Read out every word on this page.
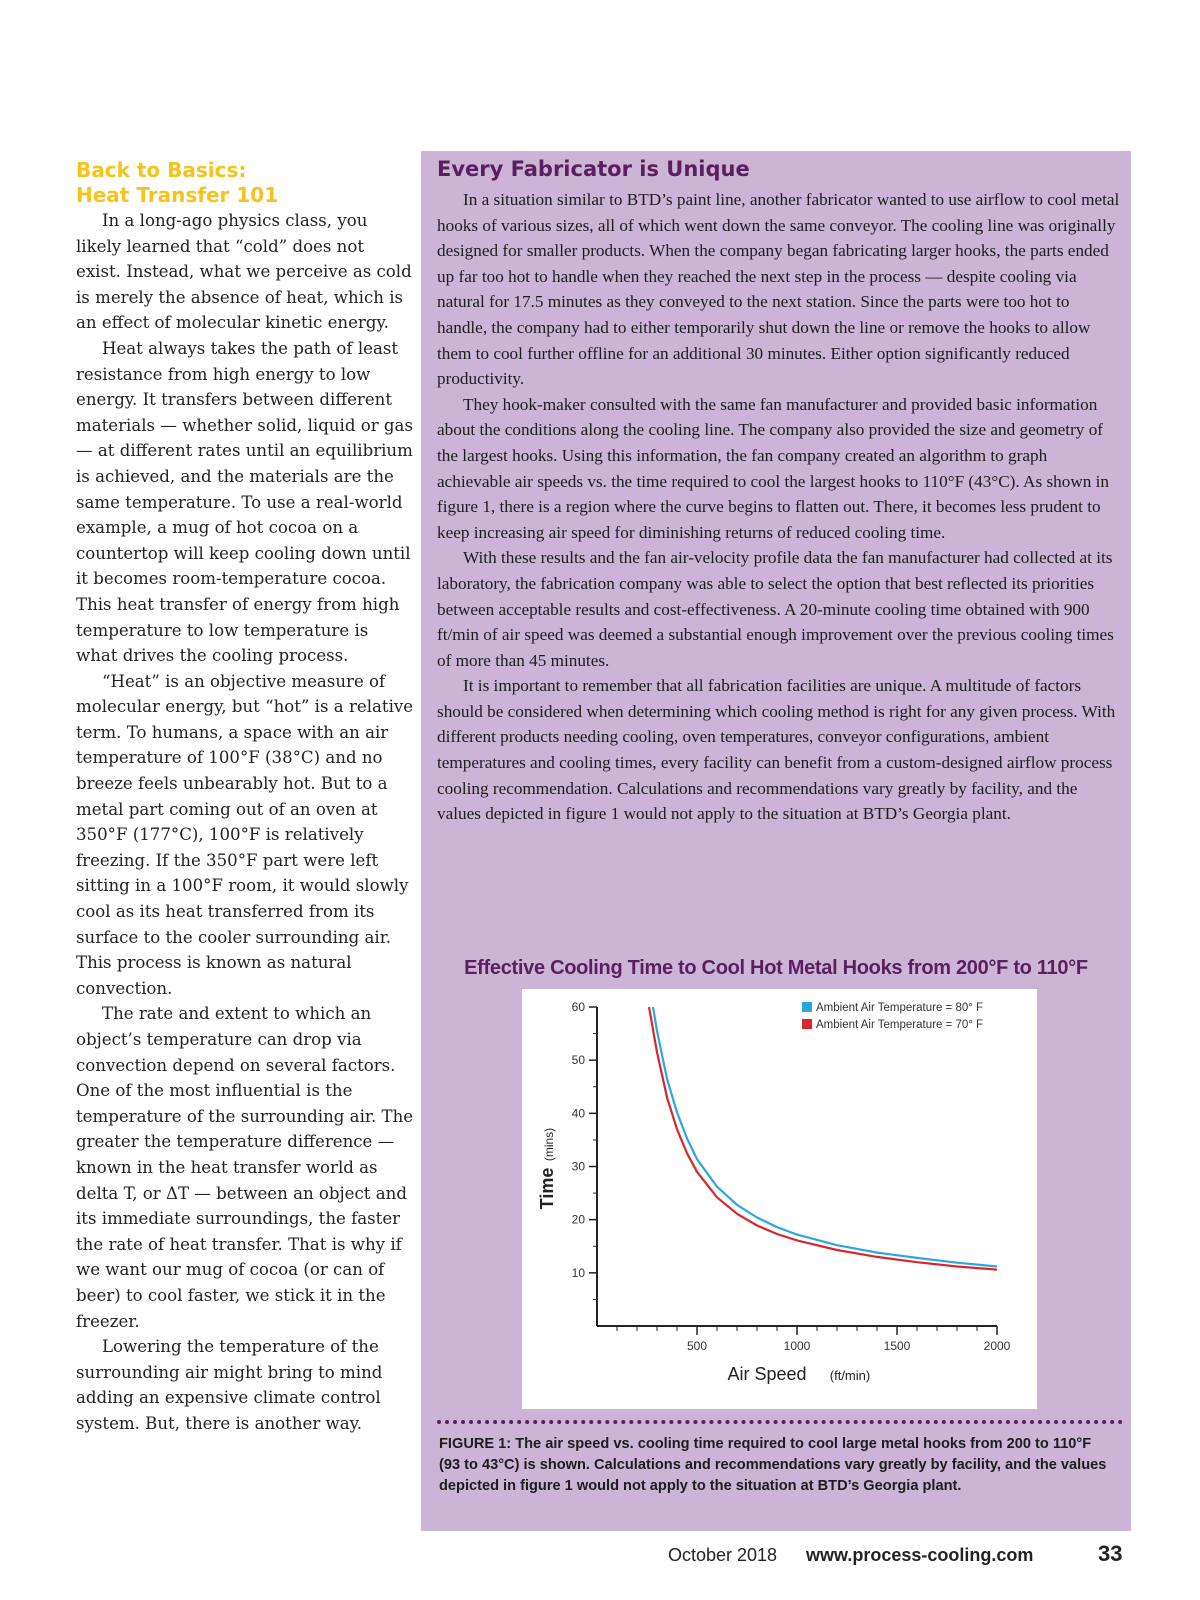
Back to Basics:
Heat Transfer 101

In a long-ago physics class, you likely learned that “cold” does not exist. Instead, what we perceive as cold is merely the absence of heat, which is an effect of molecular kinetic energy.

Heat always takes the path of least resistance from high energy to low energy. It transfers between different materials — whether solid, liquid or gas — at different rates until an equilibrium is achieved, and the materials are the same temperature. To use a real-world example, a mug of hot cocoa on a countertop will keep cooling down until it becomes room-temperature cocoa. This heat transfer of energy from high temperature to low temperature is what drives the cooling process.

“Heat” is an objective measure of molecular energy, but “hot” is a relative term. To humans, a space with an air temperature of 100°F (38°C) and no breeze feels unbearably hot. But to a metal part coming out of an oven at 350°F (177°C), 100°F is relatively freezing. If the 350°F part were left sitting in a 100°F room, it would slowly cool as its heat transferred from its surface to the cooler surrounding air. This process is known as natural convection.

The rate and extent to which an object’s temperature can drop via convection depend on several factors. One of the most influential is the temperature of the surrounding air. The greater the temperature difference — known in the heat transfer world as delta T, or ΔT — between an object and its immediate surroundings, the faster the rate of heat transfer. That is why if we want our mug of cocoa (or can of beer) to cool faster, we stick it in the freezer.

Lowering the temperature of the surrounding air might bring to mind adding an expensive climate control system. But, there is another way.

Every Fabricator is Unique

In a situation similar to BTD’s paint line, another fabricator wanted to use airflow to cool metal hooks of various sizes, all of which went down the same conveyor. The cooling line was originally designed for smaller products. When the company began fabricating larger hooks, the parts ended up far too hot to handle when they reached the next step in the process — despite cooling via natural for 17.5 minutes as they conveyed to the next station. Since the parts were too hot to handle, the company had to either temporarily shut down the line or remove the hooks to allow them to cool further offline for an additional 30 minutes. Either option significantly reduced productivity.

They hook-maker consulted with the same fan manufacturer and provided basic information about the conditions along the cooling line. The company also provided the size and geometry of the largest hooks. Using this information, the fan company created an algorithm to graph achievable air speeds vs. the time required to cool the largest hooks to 110°F (43°C). As shown in figure 1, there is a region where the curve begins to flatten out. There, it becomes less prudent to keep increasing air speed for diminishing returns of reduced cooling time.

With these results and the fan air-velocity profile data the fan manufacturer had collected at its laboratory, the fabrication company was able to select the option that best reflected its priorities between acceptable results and cost-effectiveness. A 20-minute cooling time obtained with 900 ft/min of air speed was deemed a substantial enough improvement over the previous cooling times of more than 45 minutes.

It is important to remember that all fabrication facilities are unique. A multitude of factors should be considered when determining which cooling method is right for any given process. With different products needing cooling, oven temperatures, conveyor configurations, ambient temperatures and cooling times, every facility can benefit from a custom-designed airflow process cooling recommendation. Calculations and recommendations vary greatly by facility, and the values depicted in figure 1 would not apply to the situation at BTD’s Georgia plant.

Effective Cooling Time to Cool Hot Metal Hooks from 200°F to 110°F
10
20
30
40
50
60
500	1000	1500	2000
Air Speed (ft/min)
Time
(mins)
Ambient Air Temperature = 80° F
Ambient Air Temperature = 70° F
FIGURE 1: The air speed vs. cooling time required to cool large metal hooks from 200 to 110°F (93 to 43°C) is shown. Calculations and recommendations vary greatly by facility, and the values depicted in figure 1 would not apply to the situation at BTD’s Georgia plant.
October 2018 www.process-cooling.com	33
